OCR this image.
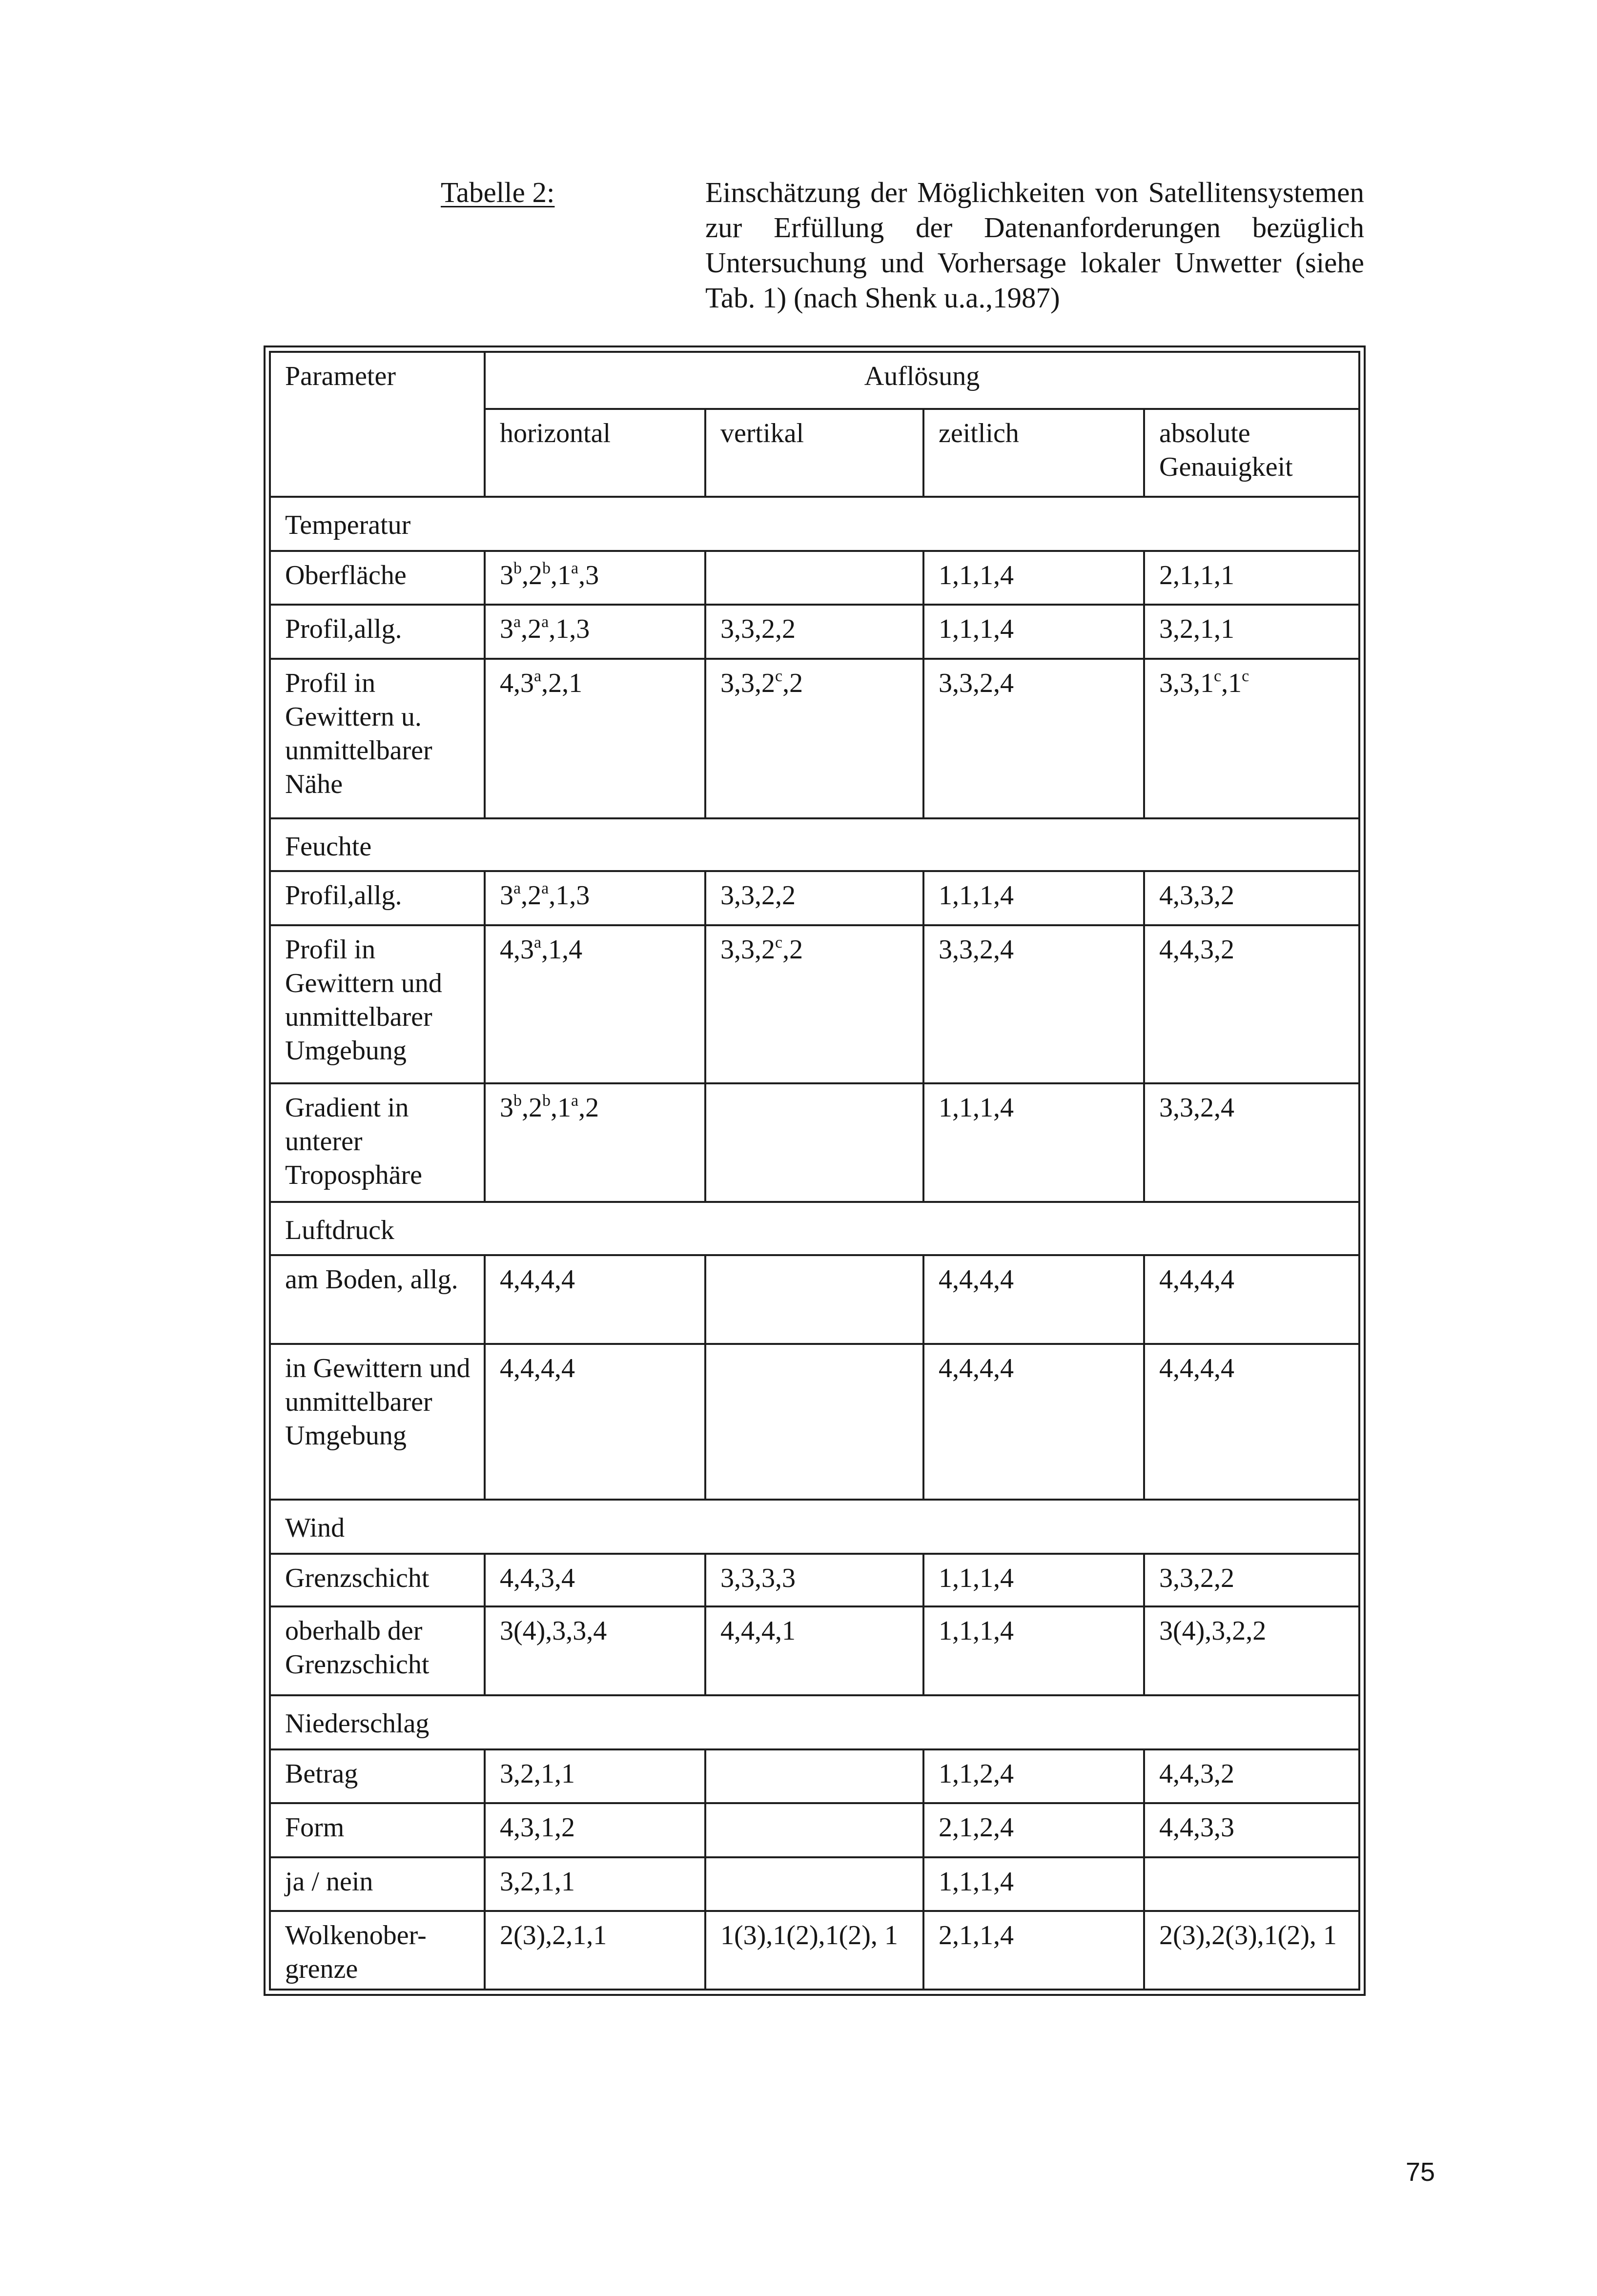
Tabelle 2:	Einschätzung der Möglichkeiten von Satellitensystemen
zur Erfüllung der Datenanforderungen bezüglich
Untersuchung und Vorhersage lokaler Unwetter (siehe
Tab. 1) (nach Shenk u.a.,1987)
Parameter	Auflösung			
	horizontal	vertikal	zeitlich	absolute Genauigkeit
Temperatur				
Oberfläche	3$^b$,2$^b$,1$^a$,3		1,1,1,4	2,1,1,1
Profil,allg.	3$^a$,2$^a$,1,3	3,3,2,2	1,1,1,4	3,2,1,1
Profil in Gewittern u. unmittelbarer Nähe	4,3$^a$,2,1	3,3,2$^c$,2	3,3,2,4	3,3,1$^c$,1$^c$
Feuchte				
Profil,allg.	3$^a$,2$^a$,1,3	3,3,2,2	1,1,1,4	4,3,3,2
Profil in Gewittern und unmittelbarer Umgebung	4,3$^a$,1,4	3,3,2$^c$,2	3,3,2,4	4,4,3,2
Gradient in unterer Troposphäre	3$^b$,2$^b$,1$^a$,2		1,1,1,4	3,3,2,4
Luftdruck				
am Boden, allg.	4,4,4,4		4,4,4,4	4,4,4,4
in Gewittern und unmittelbarer Umgebung	4,4,4,4		4,4,4,4	4,4,4,4
Wind				
Grenzschicht	4,4,3,4	3,3,3,3	1,1,1,4	3,3,2,2
oberhalb der Grenzschicht	3(4),3,3,4	4,4,4,1	1,1,1,4	3(4),3,2,2
Niederschlag				
Betrag	3,2,1,1		1,1,2,4	4,4,3,2
Form	4,3,1,2		2,1,2,4	4,4,3,3
ja / nein	3,2,1,1		1,1,1,4	
Wolkenober-grenze	2(3),2,1,1	1(3),1(2),1(2), 1	2,1,1,4	2(3),2(3),1(2), 1
75
